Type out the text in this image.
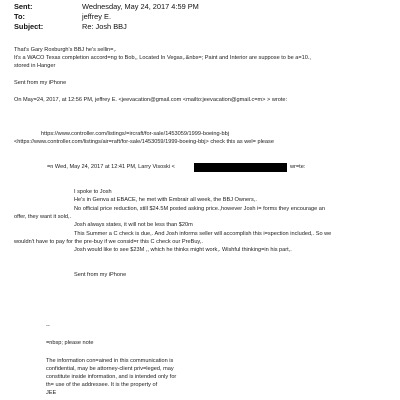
Sent:	Wednesday, May 24, 2017 4:59 PM
To:	jeffrey E.
Subject:	Re: Josh BBJ
That's Gary Roxburgh's BBJ he's sellin=,.
It's a WACO Texas completion accord=ng to Bob,, Located In Vegas,.&nbs=; Paint and Interior are suppose to be a=10.,
stored in Hanger
Sent from my iPhone
On May=24, 2017, at 12:56 PM, jeffrey E. <jeevacation@gmail.com <mailto:jeevacation@gmail.c=m> > wrote:
https://www.controller.com/listings/=ircraft/for-sale/1453059/1999-boeing-bbj
<https://www.controller.com/listings/air=raft/for-sale/1453059/1999-boeing-bbj> check this as wel= please
=n Wed, May 24, 2017 at 12:41 PM, Larry Visoski <	wr=te:
I spoke to Josh
He's in Genva at EBACE, he met with Embrair all week, the BBJ Owners,.
No official price reduction, still $24.5M posted asking price.,however Josh i= forms they encourage an
offer, they want it sold,.
Josh always states, it will not be less than $20m
This Summer a C check is due,. And Josh informs seller will accomplish this i=spection included,. So we
wouldn't have to pay for the pre-buy if we consid=r this C check our PreBuy,.
Josh would like to see $23M ,, which he thinks might work,. Wishful thinking=in his part,.
Sent from my iPhone
--
=nbsp; please note
The information con=ained in this communication is
confidential, may be attorney-client priv=leged, may
constitute inside information, and is intended only for
th= use of the addressee. It is the property of
JEE
